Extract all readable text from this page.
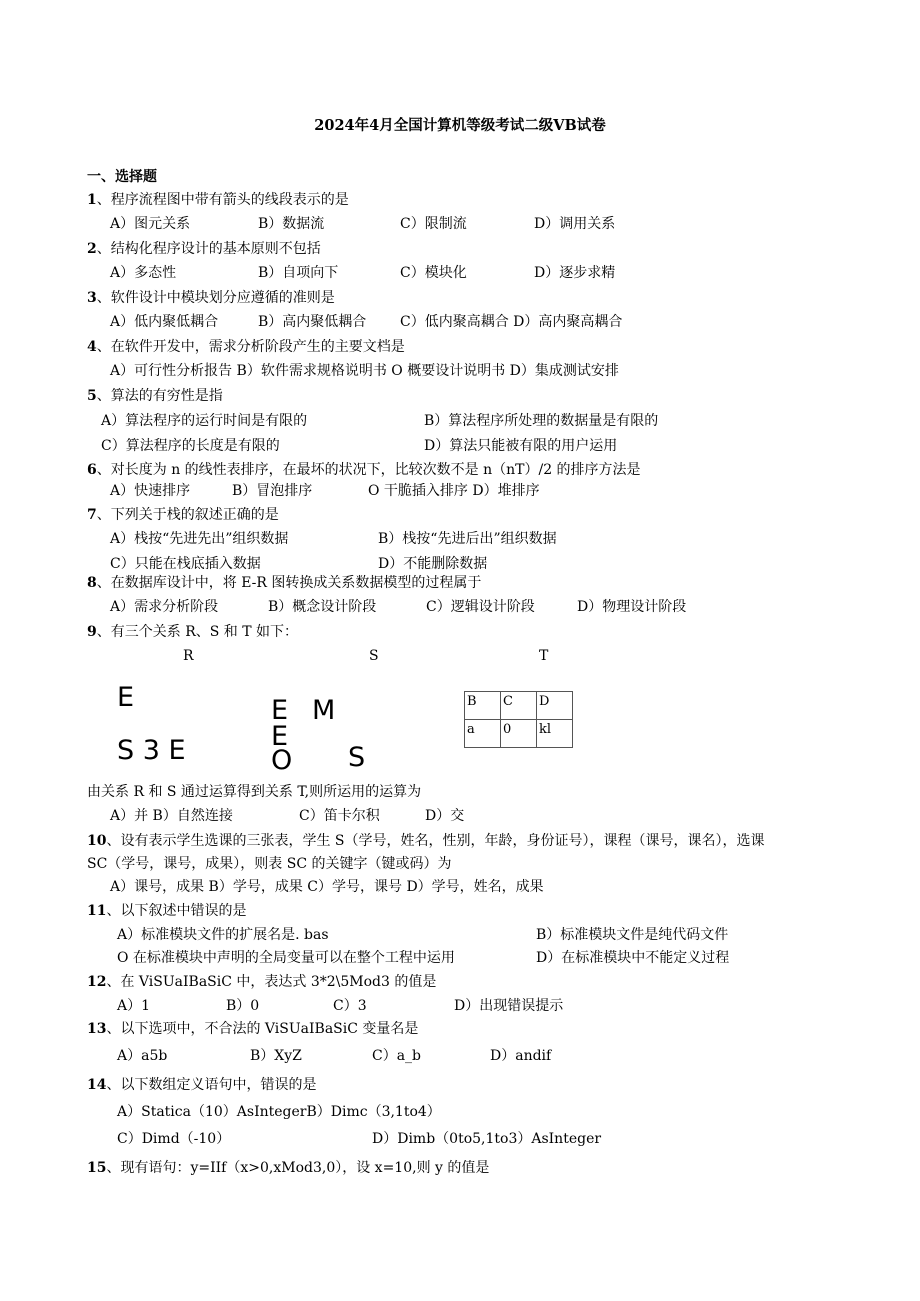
2024年4月全国计算机等级考试二级VB试卷
一、选择题
1、程序流程图中带有箭头的线段表示的是
A）图元关系	B）数据流	C）限制流	D）调用关系
2、结构化程序设计的基本原则不包括
A）多态性	B）自项向下	C）模块化	D）逐步求精
3、软件设计中模块划分应遵循的准则是
A）低内聚低耦合	B）高内聚低耦合 C）低内聚高耦合 D）高内聚高耦合
4、在软件开发中，需求分析阶段产生的主要文档是
A）可行性分析报告 B）软件需求规格说明书 O 概要设计说明书 D）集成测试安排
5、算法的有穷性是指
A）算法程序的运行时间是有限的	B）算法程序所处理的数据量是有限的
C）算法程序的长度是有限的	D）算法只能被有限的用户运用
6、对长度为 n 的线性表排序，在最坏的状况下，比较次数不是 n（nT）/2 的排序方法是
A）快速排序	B）冒泡排序	O 干脆插入排序 D）堆排序
7、下列关于栈的叙述正确的是
A）栈按“先进先出”组织数据	B）栈按“先进后出”组织数据
C）只能在栈底插入数据	D）不能删除数据
8、在数据库设计中，将 E-R 图转换成关系数据模型的过程属于
A）需求分析阶段	B）概念设计阶段	C）逻辑设计阶段	D）物理设计阶段
9、有三个关系 R、S 和 T 如下：
R	S	T
E
S 3 E
E M
E
O S
B	C	D
a	0	kl
由关系 R 和 S 通过运算得到关系 T,则所运用的运算为
A）并 B）自然连接	C）笛卡尔积	D）交
10、设有表示学生选课的三张表，学生 S（学号，姓名，性别，年龄，身份证号），课程（课号，课名），选课
SC（学号，课号，成果），则表 SC 的关键字（键或码）为
A）课号，成果 B）学号，成果 C）学号，课号 D）学号，姓名，成果
11、以下叙述中错误的是
A）标准模块文件的扩展名是. bas	B）标准模块文件是纯代码文件
O 在标准模块中声明的全局变量可以在整个工程中运用	D）在标准模块中不能定义过程
12、在 ViSUaIBaSiC 中，表达式 3*2\5Mod3 的值是
A）1	B）0	C）3	D）出现错误提示
13、以下选项中，不合法的 ViSUaIBaSiC 变量名是
A）a5b	B）XyZ	C）a_b	D）andif
14、以下数组定义语句中，错误的是
A）Statica（10）AsIntegerB）Dimc（3,1to4）
C）Dimd（-10）	D）Dimb（0to5,1to3）AsInteger
15、现有语句：y=IIf（x>0,xMod3,0），设 x=10,则 y 的值是
